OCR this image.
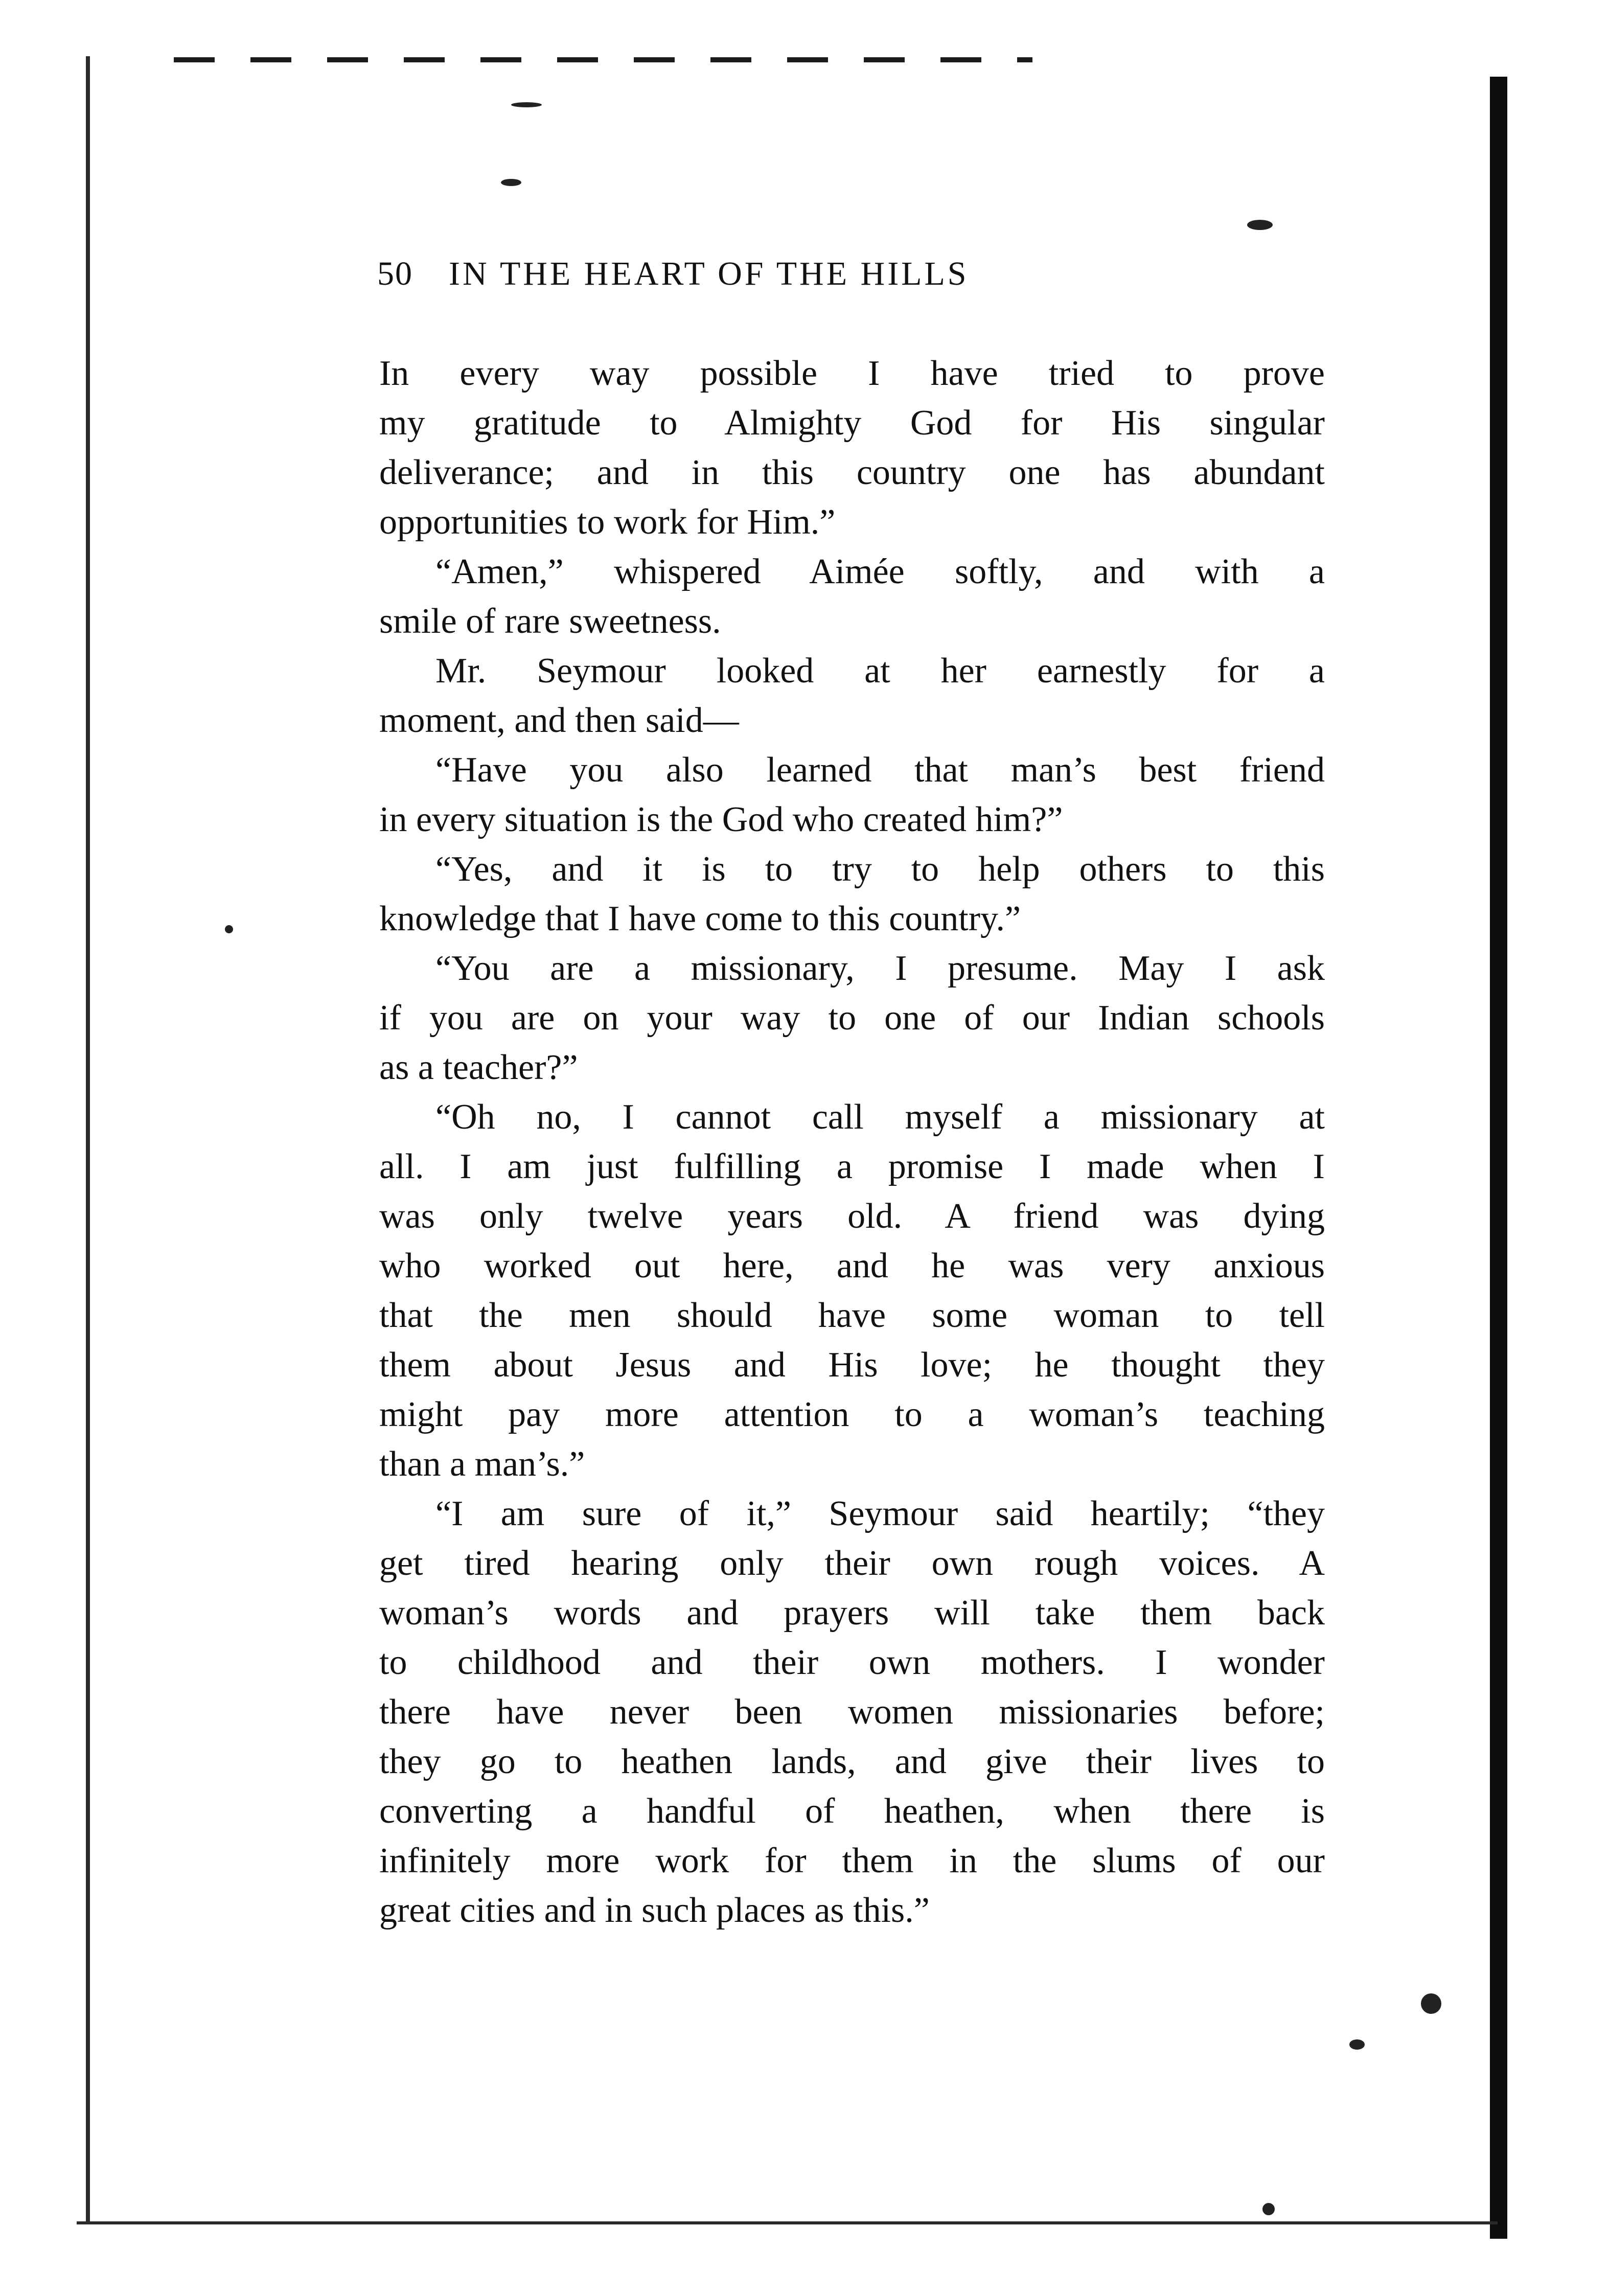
50 IN THE HEART OF THE HILLS
In every way possible I have tried to prove
my gratitude to Almighty God for His singular
deliverance; and in this country one has abundant
opportunities to work for Him.”
“Amen,” whispered Aimée softly, and with a
smile of rare sweetness.
Mr. Seymour looked at her earnestly for a
moment, and then said—
“Have you also learned that man’s best friend
in every situation is the God who created him?”
“Yes, and it is to try to help others to this
knowledge that I have come to this country.”
“You are a missionary, I presume. May I ask
if you are on your way to one of our Indian schools
as a teacher?”
“Oh no, I cannot call myself a missionary at
all. I am just fulfilling a promise I made when I
was only twelve years old. A friend was dying
who worked out here, and he was very anxious
that the men should have some woman to tell
them about Jesus and His love; he thought they
might pay more attention to a woman’s teaching
than a man’s.”
“I am sure of it,” Seymour said heartily; “they
get tired hearing only their own rough voices. A
woman’s words and prayers will take them back
to childhood and their own mothers. I wonder
there have never been women missionaries before;
they go to heathen lands, and give their lives to
converting a handful of heathen, when there is
infinitely more work for them in the slums of our
great cities and in such places as this.”
